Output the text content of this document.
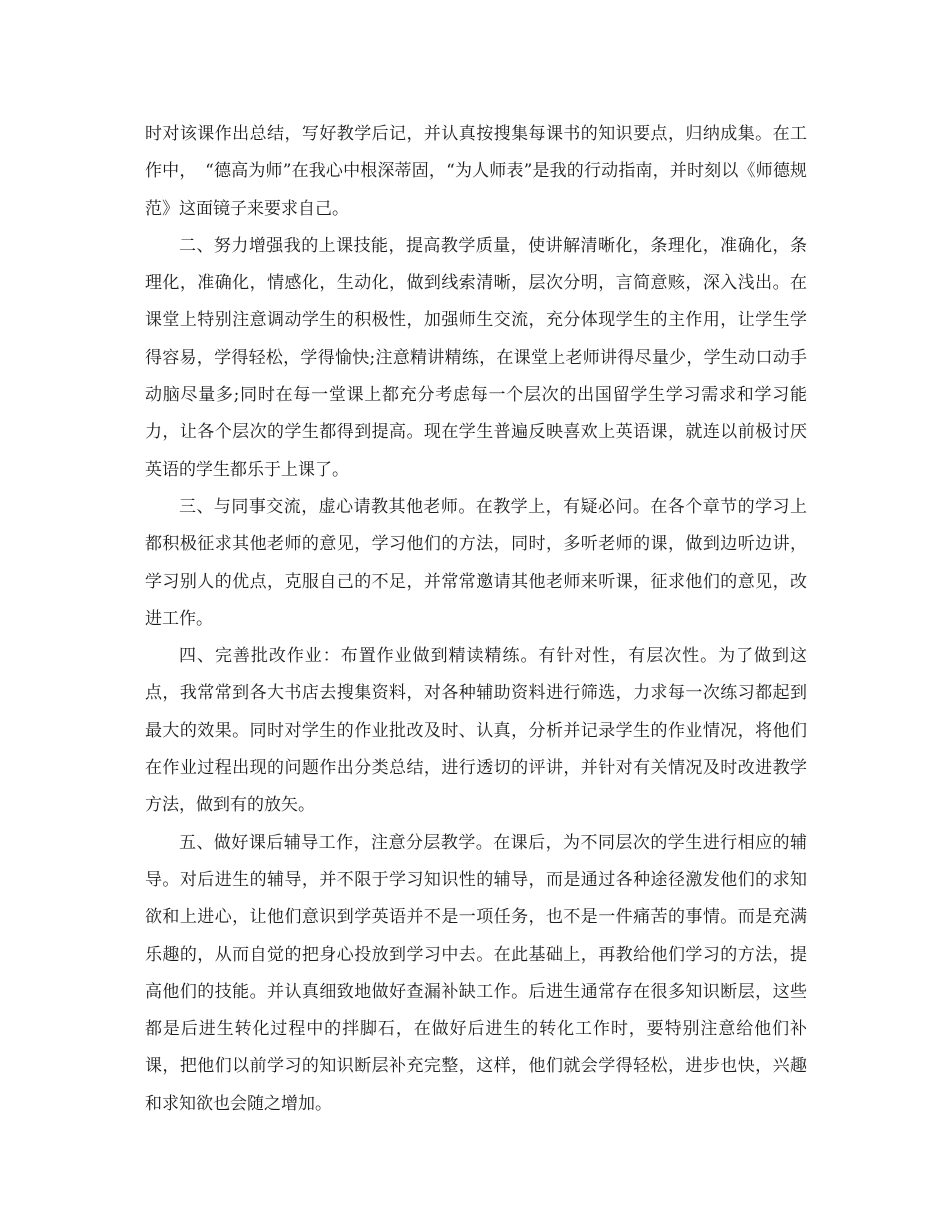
时对该课作出总结，写好教学后记，并认真按搜集每课书的知识要点，归纳成集。在工作中，　“德高为师”在我心中根深蒂固，“为人师表”是我的行动指南，并时刻以《师德规范》这面镜子来要求自己。

二、努力增强我的上课技能，提高教学质量，使讲解清晰化，条理化，准确化，条理化，准确化，情感化，生动化，做到线索清晰，层次分明，言简意赅，深入浅出。在课堂上特别注意调动学生的积极性，加强师生交流，充分体现学生的主作用，让学生学得容易，学得轻松，学得愉快;注意精讲精练，在课堂上老师讲得尽量少，学生动口动手动脑尽量多;同时在每一堂课上都充分考虑每一个层次的出国留学生学习需求和学习能力，让各个层次的学生都得到提高。现在学生普遍反映喜欢上英语课，就连以前极讨厌英语的学生都乐于上课了。

三、与同事交流，虚心请教其他老师。在教学上，有疑必问。在各个章节的学习上都积极征求其他老师的意见，学习他们的方法，同时，多听老师的课，做到边听边讲，学习别人的优点，克服自己的不足，并常常邀请其他老师来听课，征求他们的意见，改进工作。

四、完善批改作业：布置作业做到精读精练。有针对性，有层次性。为了做到这点，我常常到各大书店去搜集资料，对各种辅助资料进行筛选，力求每一次练习都起到最大的效果。同时对学生的作业批改及时、认真，分析并记录学生的作业情况，将他们在作业过程出现的问题作出分类总结，进行透切的评讲，并针对有关情况及时改进教学方法，做到有的放矢。

五、做好课后辅导工作，注意分层教学。在课后，为不同层次的学生进行相应的辅导。对后进生的辅导，并不限于学习知识性的辅导，而是通过各种途径激发他们的求知欲和上进心，让他们意识到学英语并不是一项任务，也不是一件痛苦的事情。而是充满乐趣的，从而自觉的把身心投放到学习中去。在此基础上，再教给他们学习的方法，提高他们的技能。并认真细致地做好查漏补缺工作。后进生通常存在很多知识断层，这些都是后进生转化过程中的拌脚石，在做好后进生的转化工作时，要特别注意给他们补课，把他们以前学习的知识断层补充完整，这样，他们就会学得轻松，进步也快，兴趣和求知欲也会随之增加。
